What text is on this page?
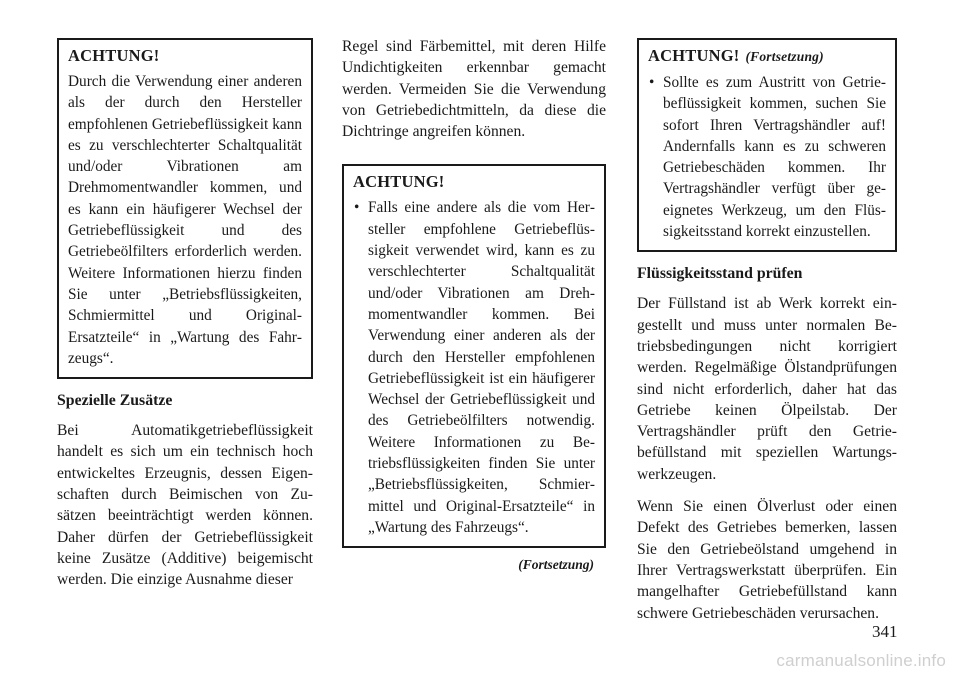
ACHTUNG!

Durch die Verwendung einer anderen als der durch den Hersteller empfohlenen Getriebeflüssigkeit kann es zu verschlechterter Schaltqualität und/oder Vibrationen am Drehmomentwandler kommen, und es kann ein häufigerer Wechsel der Getriebeflüssigkeit und des Getriebeölfilters erforderlich werden. Weitere Informationen hierzu finden Sie unter „Betriebsflüssigkeiten, Schmiermittel und Original-Ersatzteile“ in „Wartung des Fahrzeugs“.

Spezielle Zusätze

Bei Automatikgetriebeflüssigkeit handelt es sich um ein technisch hoch entwickeltes Erzeugnis, dessen Eigenschaften durch Beimischen von Zusätzen beeinträchtigt werden können. Daher dürfen der Getriebeflüssigkeit keine Zusätze (Additive) beigemischt werden. Die einzige Ausnahme dieser

Regel sind Färbemittel, mit deren Hilfe Undichtigkeiten erkennbar gemacht werden. Vermeiden Sie die Verwendung von Getriebedichtmitteln, da diese die Dichtringe angreifen können.

ACHTUNG!

• Falls eine andere als die vom Hersteller empfohlene Getriebeflüssigkeit verwendet wird, kann es zu verschlechterter Schaltqualität und/oder Vibrationen am Drehmomentwandler kommen. Bei Verwendung einer anderen als der durch den Hersteller empfohlenen Getriebeflüssigkeit ist ein häufigerer Wechsel der Getriebeflüssigkeit und des Getriebeölfilters notwendig. Weitere Informationen zu Betriebsflüssigkeiten finden Sie unter „Betriebsflüssigkeiten, Schmiermittel und Original-Ersatzteile“ in „Wartung des Fahrzeugs“.

(Fortsetzung)

ACHTUNG! (Fortsetzung)

• Sollte es zum Austritt von Getriebeflüssigkeit kommen, suchen Sie sofort Ihren Vertragshändler auf! Andernfalls kann es zu schweren Getriebeschäden kommen. Ihr Vertragshändler verfügt über geeignetes Werkzeug, um den Flüssigkeitsstand korrekt einzustellen.

Flüssigkeitsstand prüfen

Der Füllstand ist ab Werk korrekt eingestellt und muss unter normalen Betriebsbedingungen nicht korrigiert werden. Regelmäßige Ölstandprüfungen sind nicht erforderlich, daher hat das Getriebe keinen Ölpeilstab. Der Vertragshändler prüft den Getriebefüllstand mit speziellen Wartungswerkzeugen.

Wenn Sie einen Ölverlust oder einen Defekt des Getriebes bemerken, lassen Sie den Getriebeölstand umgehend in Ihrer Vertragswerkstatt überprüfen. Ein mangelhafter Getriebefüllstand kann schwere Getriebeschäden verursachen.

341
carmanualsonline.info
